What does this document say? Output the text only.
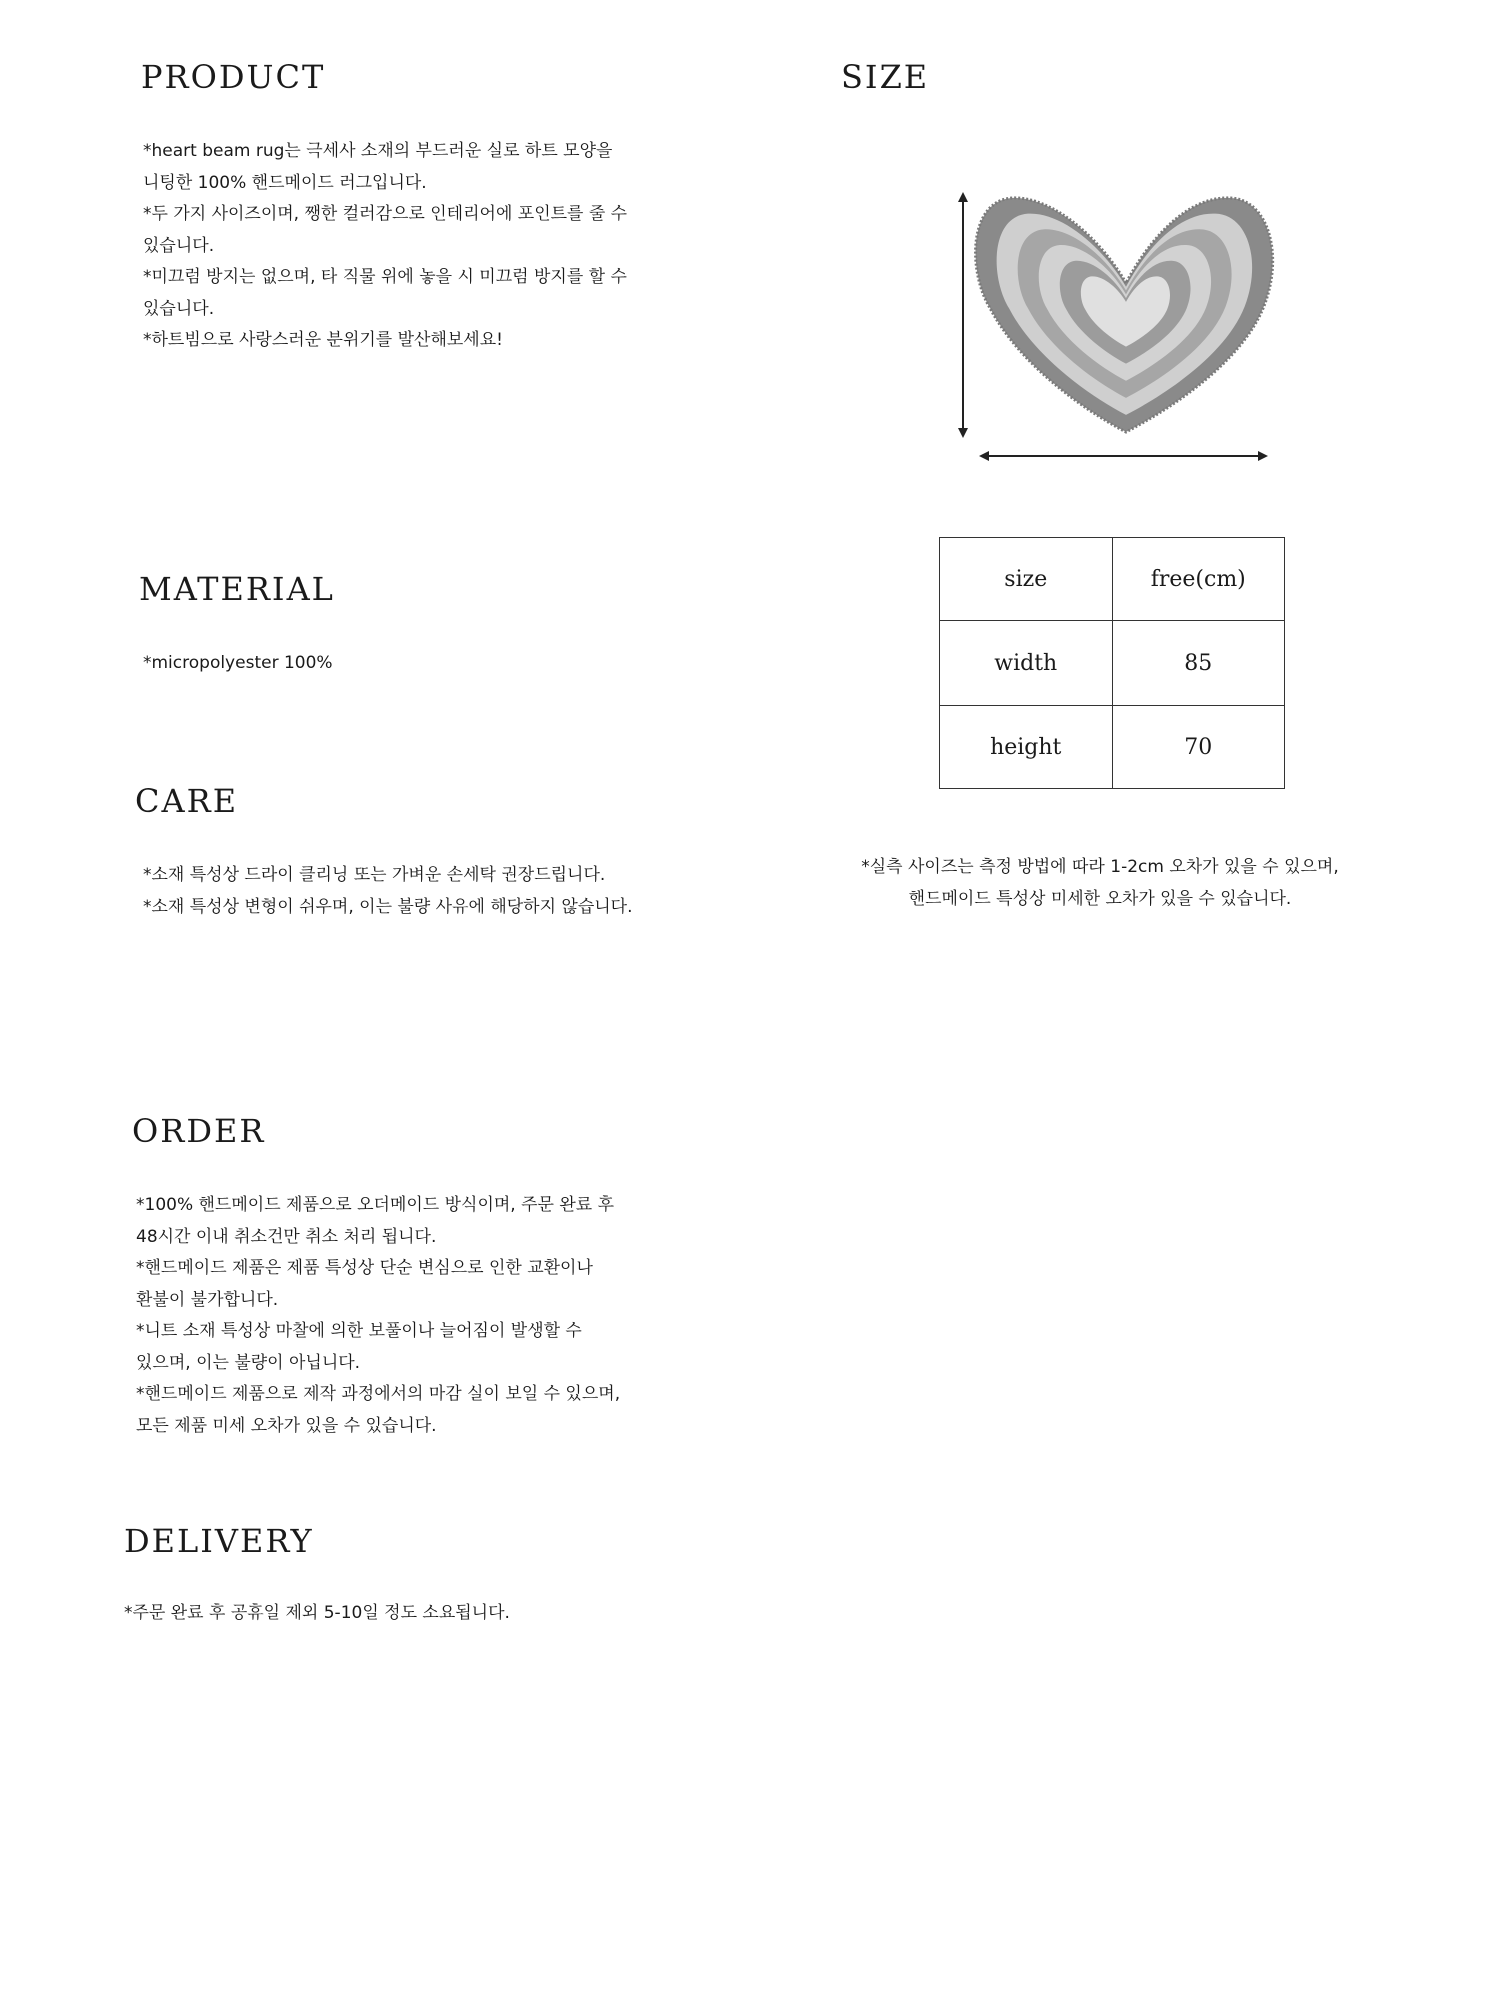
PRODUCT
*heart beam rug는 극세사 소재의 부드러운 실로 하트 모양을
니팅한 100% 핸드메이드 러그입니다.
*두 가지 사이즈이며, 쨍한 컬러감으로 인테리어에 포인트를 줄 수
있습니다.
*미끄럼 방지는 없으며, 타 직물 위에 놓을 시 미끄럼 방지를 할 수
있습니다.
*하트빔으로 사랑스러운 분위기를 발산해보세요!
MATERIAL
*micropolyester 100%
CARE
*소재 특성상 드라이 클리닝 또는 가벼운 손세탁 권장드립니다.
*소재 특성상 변형이 쉬우며, 이는 불량 사유에 해당하지 않습니다.
ORDER
*100% 핸드메이드 제품으로 오더메이드 방식이며, 주문 완료 후
48시간 이내 취소건만 취소 처리 됩니다.
*핸드메이드 제품은 제품 특성상 단순 변심으로 인한 교환이나
환불이 불가합니다.
*니트 소재 특성상 마찰에 의한 보풀이나 늘어짐이 발생할 수
있으며, 이는 불량이 아닙니다.
*핸드메이드 제품으로 제작 과정에서의 마감 실이 보일 수 있으며,
모든 제품 미세 오차가 있을 수 있습니다.
DELIVERY
*주문 완료 후 공휴일 제외 5-10일 정도 소요됩니다.
SIZE
size	free(cm)
width	85
height	70
*실측 사이즈는 측정 방법에 따라 1-2cm 오차가 있을 수 있으며,
핸드메이드 특성상 미세한 오차가 있을 수 있습니다.
